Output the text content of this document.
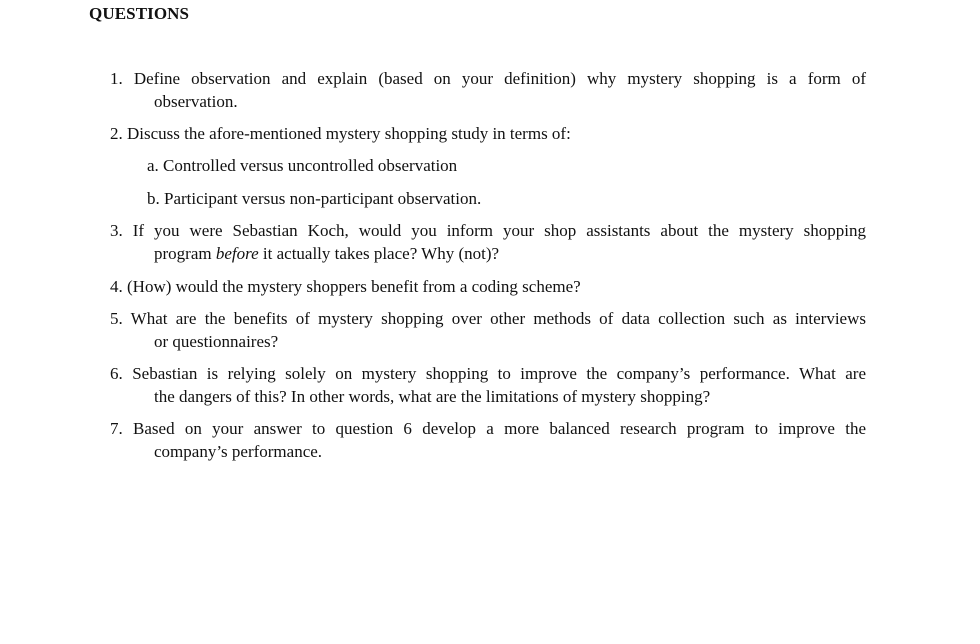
QUESTIONS
1. Define observation and explain (based on your definition) why mystery shopping is a form of
observation.
2. Discuss the afore-mentioned mystery shopping study in terms of:
a. Controlled versus uncontrolled observation
b. Participant versus non-participant observation.
3. If you were Sebastian Koch, would you inform your shop assistants about the mystery shopping
program before it actually takes place? Why (not)?
4. (How) would the mystery shoppers benefit from a coding scheme?
5. What are the benefits of mystery shopping over other methods of data collection such as interviews
or questionnaires?
6. Sebastian is relying solely on mystery shopping to improve the company’s performance. What are
the dangers of this? In other words, what are the limitations of mystery shopping?
7. Based on your answer to question 6 develop a more balanced research program to improve the
company’s performance.
